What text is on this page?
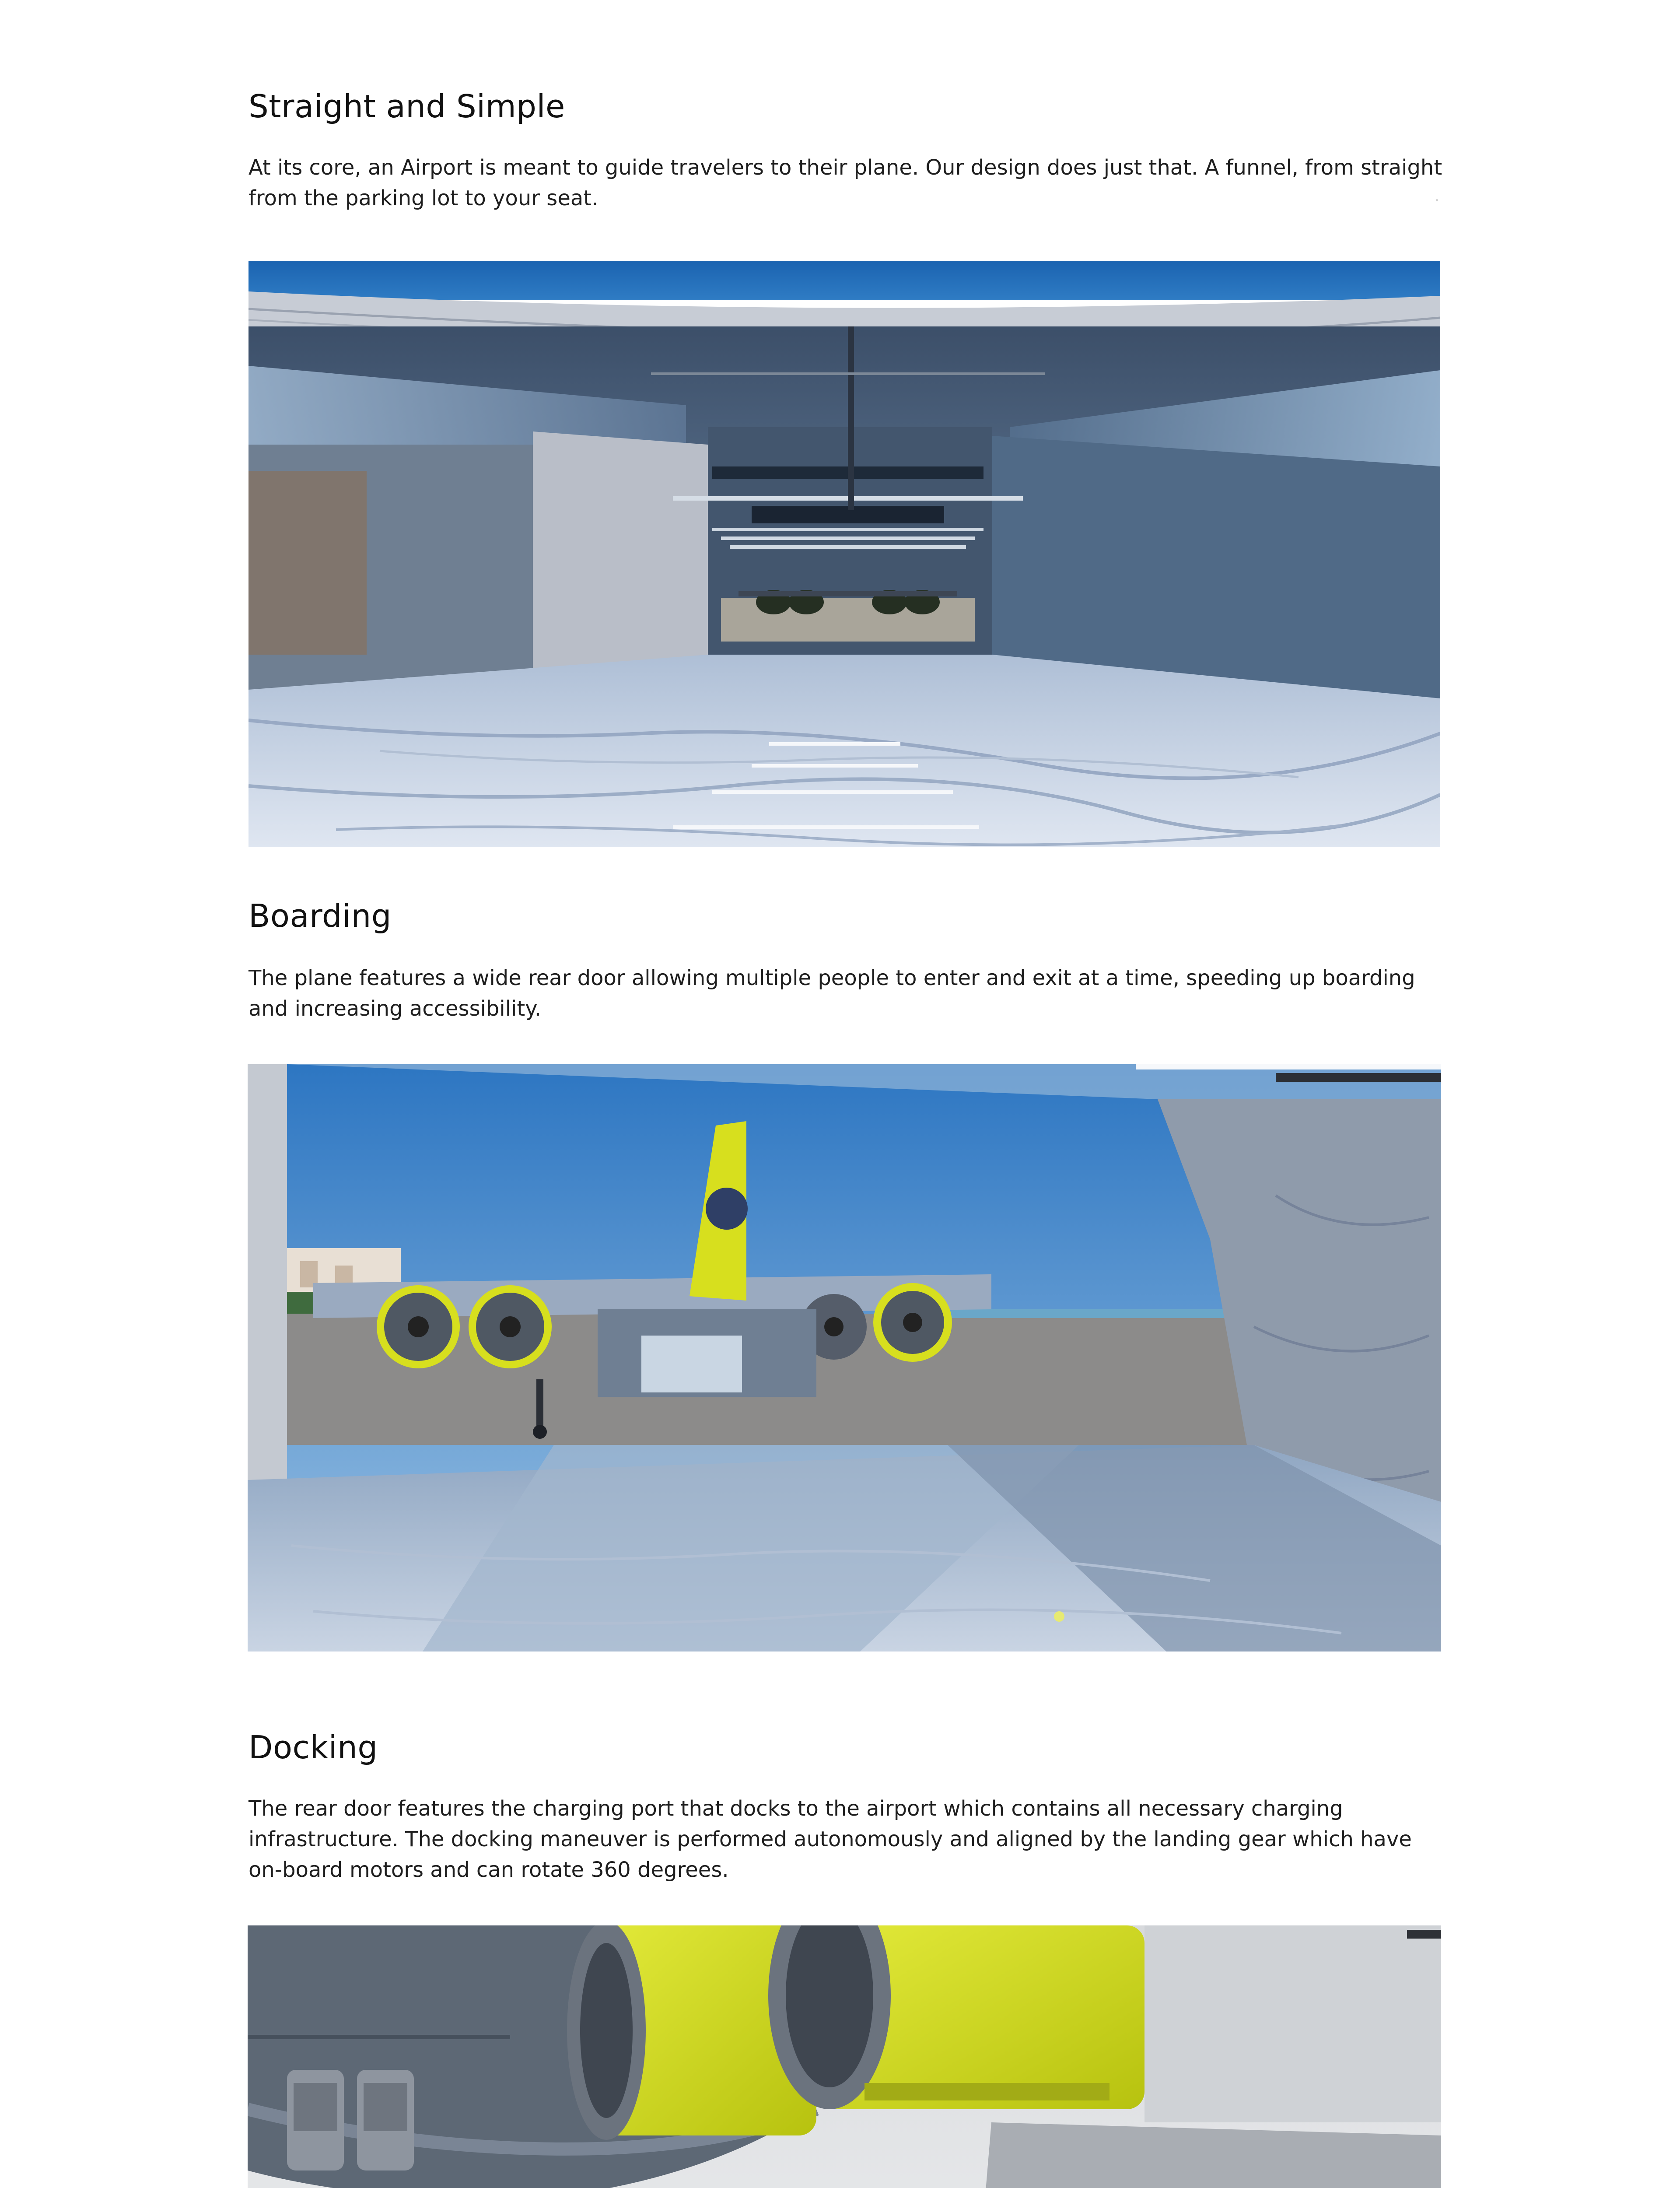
Straight and Simple

At its core, an Airport is meant to guide travelers to their plane. Our design does just that. A funnel, from straight from the parking lot to your seat.

Boarding

The plane features a wide rear door allowing multiple people to enter and exit at a time, speeding up boarding and increasing accessibility.

Docking

The rear door features the charging port that docks to the airport which contains all necessary charging infrastructure. The docking maneuver is performed autonomously and aligned by the landing gear which have on-board motors and can rotate 360 degrees.
